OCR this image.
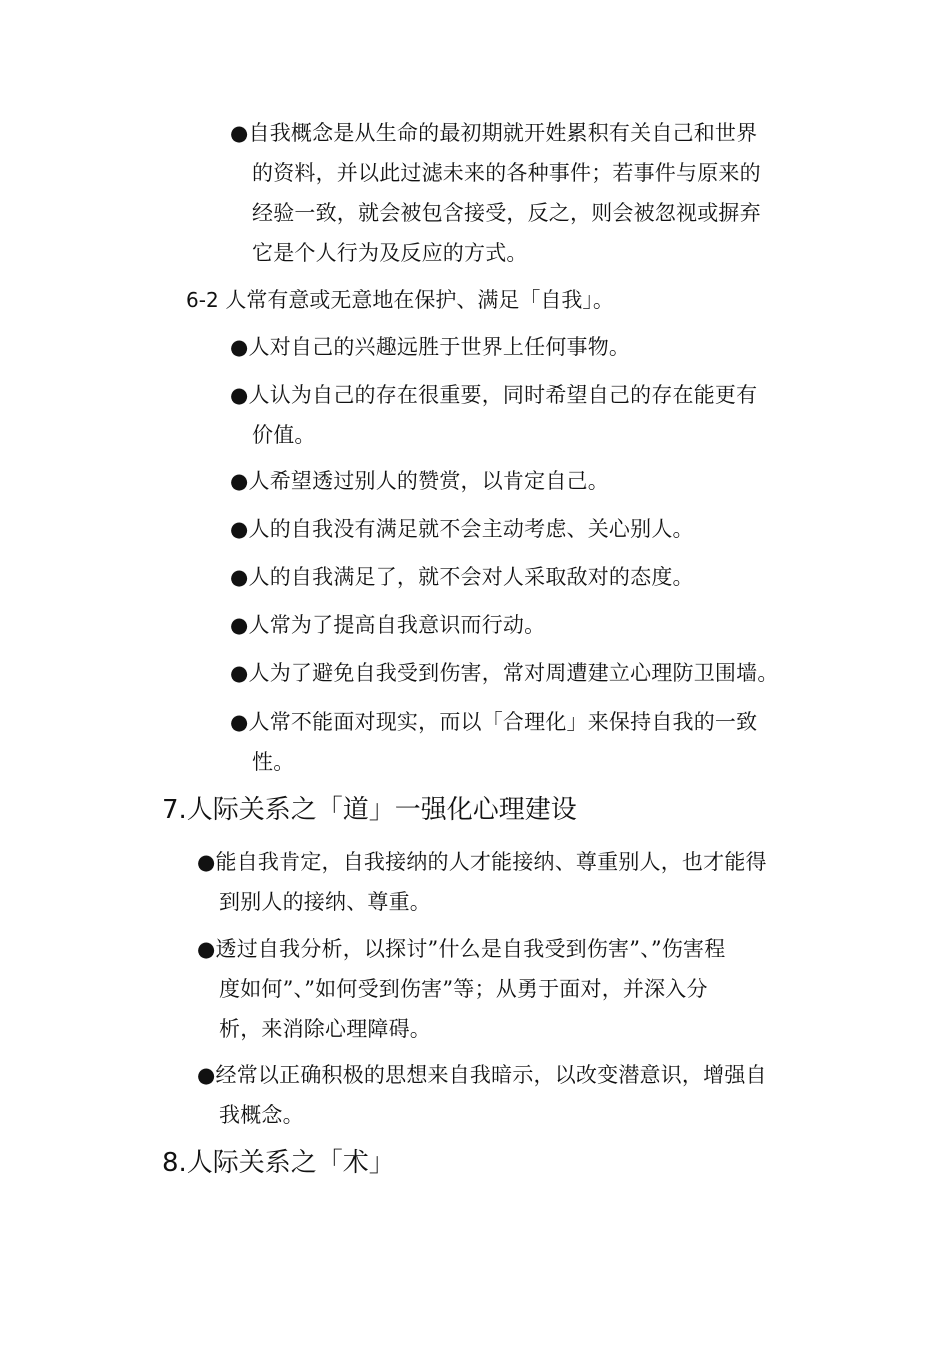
●自我概念是从生命的最初期就开姓累积有关自己和世界
的资料，并以此过滤未来的各种事件；若事件与原来的
经验一致，就会被包含接受，反之，则会被忽视或摒弃
它是个人行为及反应的方式。
6-2 人常有意或无意地在保护、满足「自我」。
●人对自己的兴趣远胜于世界上任何事物。
●人认为自己的存在很重要，同时希望自己的存在能更有
价值。
●人希望透过别人的赞赏，以肯定自己。
●人的自我没有满足就不会主动考虑、关心别人。
●人的自我满足了，就不会对人采取敌对的态度。
●人常为了提高自我意识而行动。
●人为了避免自我受到伤害，常对周遭建立心理防卫围墙。
●人常不能面对现实，而以「合理化」来保持自我的一致
性。
7.人际关系之「道」一强化心理建设
●能自我肯定，自我接纳的人才能接纳、尊重别人，也才能得
到别人的接纳、尊重。
●透过自我分析，以探讨”什么是自我受到伤害”、”伤害程
度如何”、”如何受到伤害”等；从勇于面对，并深入分
析，来消除心理障碍。
●经常以正确积极的思想来自我暗示，以改变潜意识，增强自
我概念。
8.人际关系之「术」
